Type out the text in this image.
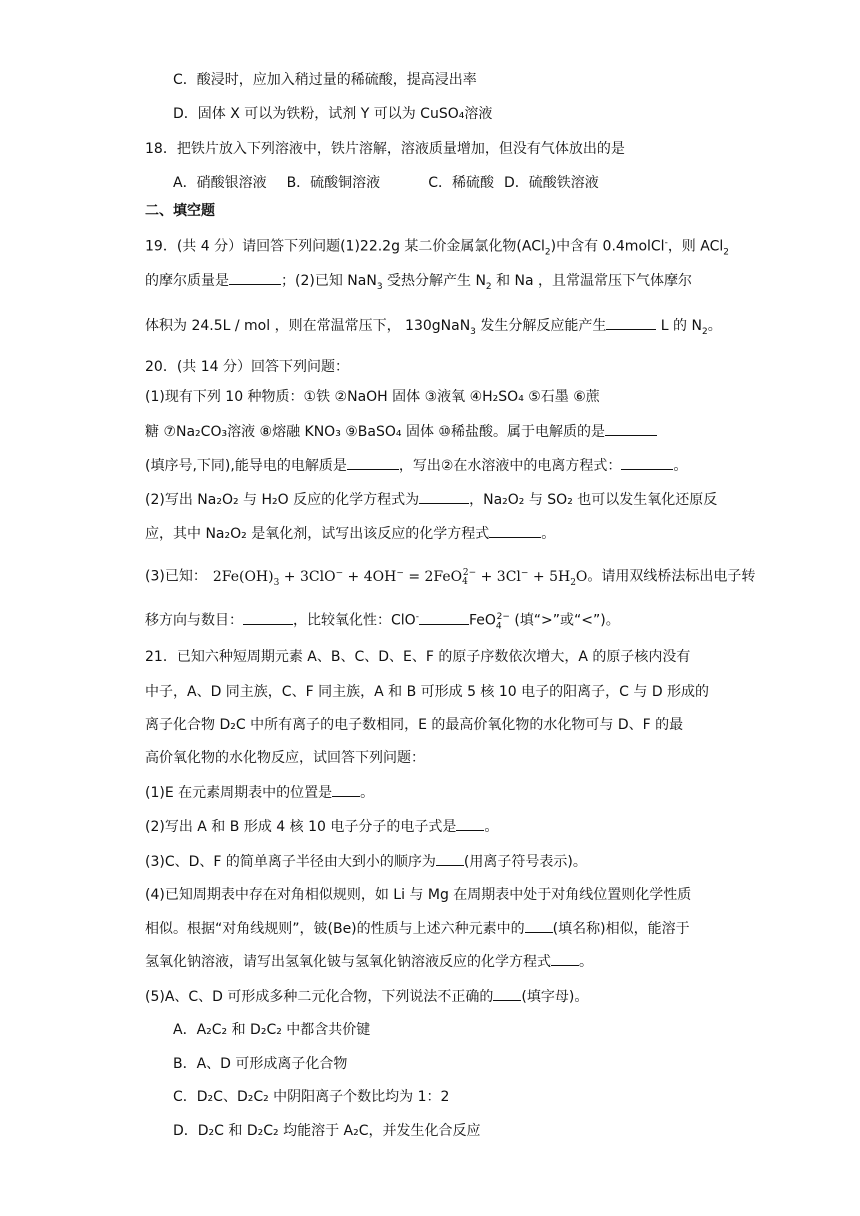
C．酸浸时，应加入稍过量的稀硫酸，提高浸出率
D．固体 X 可以为铁粉，试剂 Y 可以为 CuSO₄溶液
18．把铁片放入下列溶液中，铁片溶解，溶液质量增加，但没有气体放出的是
A．硝酸银溶液 B．硫酸铜溶液	C．稀硫酸 D．硫酸铁溶液
二、填空题
19．(共 4 分）请回答下列问题(1)22.2g 某二价金属氯化物(ACl$_2$)中含有 0.4molCl-，则 ACl$_2$
的摩尔质量是	；(2)已知 NaN$_3$ 受热分解产生 $N_2$ 和 Na ，且常温常压下气体摩尔
体积为 24.5L / mol ，则在常温常压下， 130gNaN$_3$ 发生分解反应能产生	L 的 $N_2$。
20．(共 14 分）回答下列问题：
(1)现有下列 10 种物质：①铁 ②NaOH 固体 ③液氧 ④H₂SO₄ ⑤石墨 ⑥蔗
糖 ⑦Na₂CO₃溶液 ⑧熔融 KNO₃ ⑨BaSO₄ 固体 ⑩稀盐酸。属于电解质的是
(填序号,下同),能导电的电解质是	，写出②在水溶液中的电离方程式：	。
(2)写出 Na₂O₂ 与 H₂O 反应的化学方程式为	，Na₂O₂ 与 SO₂ 也可以发生氧化还原反
应，其中 Na₂O₂ 是氧化剂，试写出该反应的化学方程式	。
(3)已知： $2Fe(OH)_3 + 3ClO^- + 4OH^- = 2FeO_4^{2-} + 3Cl^- + 5H_2O$。请用双线桥法标出电子转
移方向与数目：	，比较氧化性：ClO-	FeO$_4^{2-}$ (填“>”或“<”)。
21．已知六种短周期元素 A、B、C、D、E、F 的原子序数依次增大，A 的原子核内没有
中子，A、D 同主族，C、F 同主族，A 和 B 可形成 5 核 10 电子的阳离子，C 与 D 形成的
离子化合物 D₂C 中所有离子的电子数相同，E 的最高价氧化物的水化物可与 D、F 的最
高价氧化物的水化物反应，试回答下列问题：
(1)E 在元素周期表中的位置是 。
(2)写出 A 和 B 形成 4 核 10 电子分子的电子式是 。
(3)C、D、F 的简单离子半径由大到小的顺序为 (用离子符号表示)。
(4)已知周期表中存在对角相似规则，如 Li 与 Mg 在周期表中处于对角线位置则化学性质
相似。根据“对角线规则”，铍(Be)的性质与上述六种元素中的 (填名称)相似，能溶于
氢氧化钠溶液，请写出氢氧化铍与氢氧化钠溶液反应的化学方程式 。
(5)A、C、D 可形成多种二元化合物，下列说法不正确的 (填字母)。
A．A₂C₂ 和 D₂C₂ 中都含共价键
B．A、D 可形成离子化合物
C．D₂C、D₂C₂ 中阴阳离子个数比均为 1：2
D．D₂C 和 D₂C₂ 均能溶于 A₂C，并发生化合反应
